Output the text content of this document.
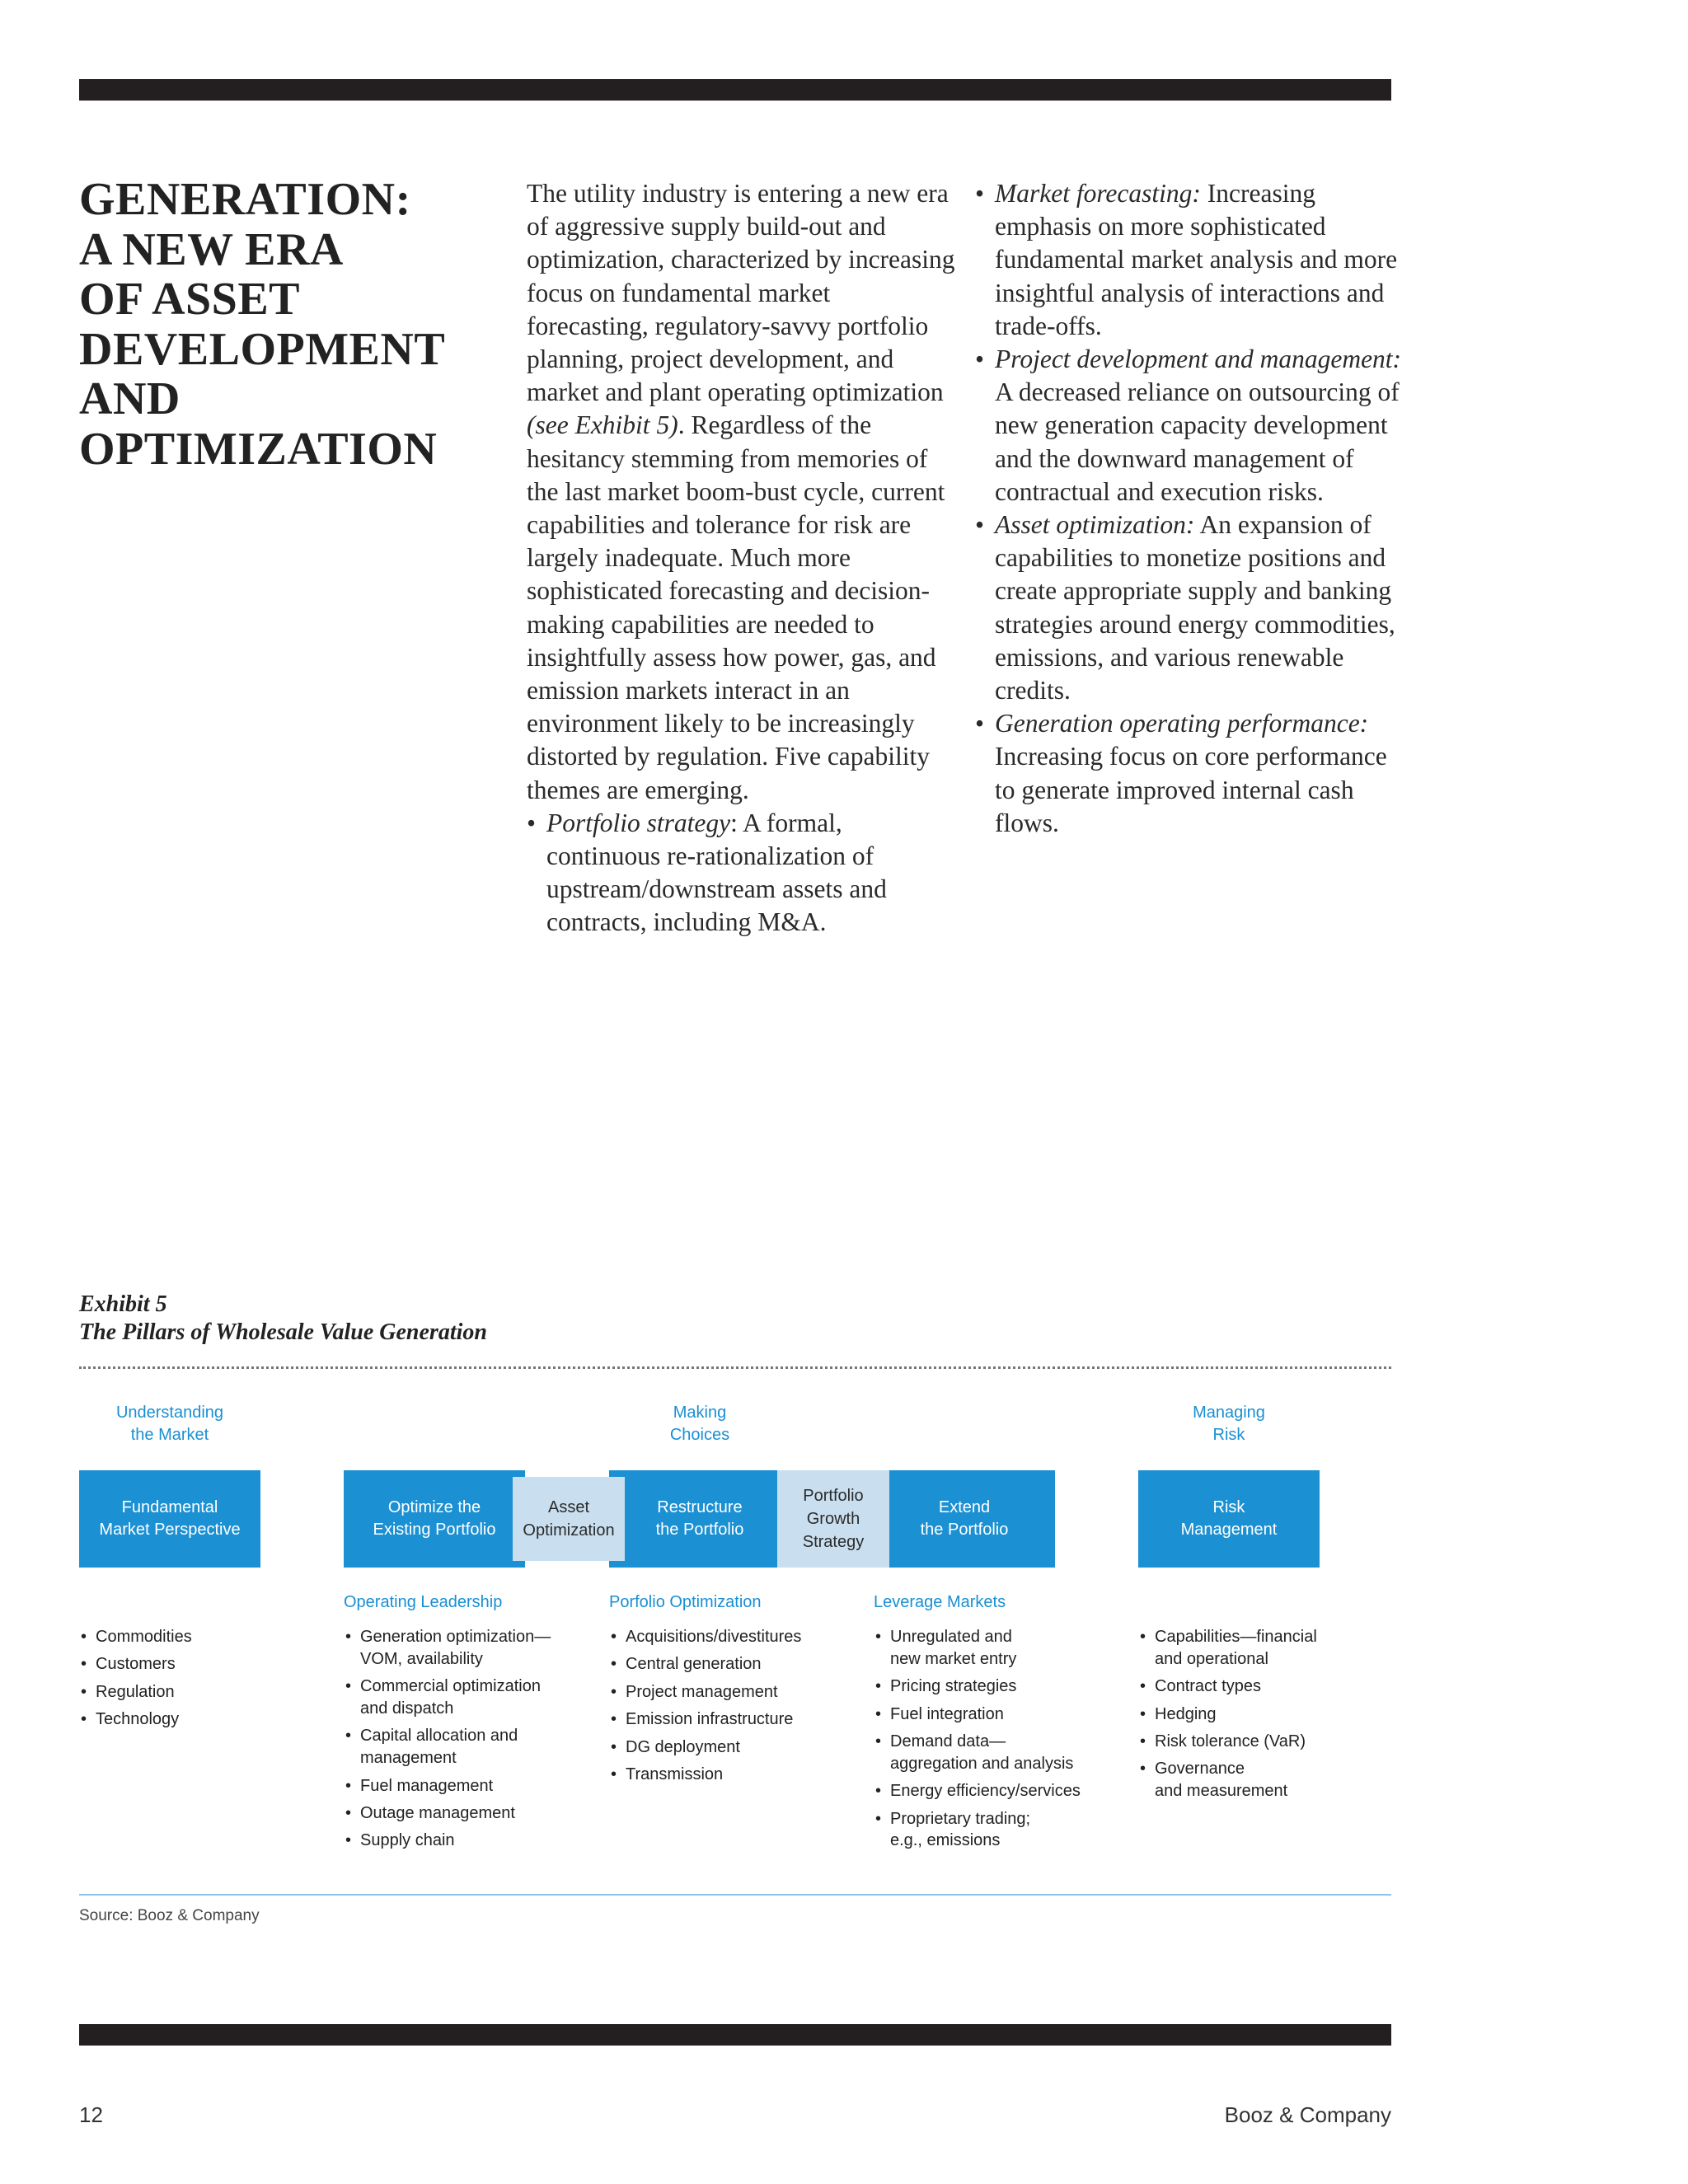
GENERATION:
A NEW ERA
OF ASSET
DEVELOPMENT
AND
OPTIMIZATION

The utility industry is entering a new era of aggressive supply build-out and optimization, characterized by increasing focus on fundamental market forecasting, regulatory-savvy portfolio planning, project development, and market and plant operating optimization (see Exhibit 5). Regardless of the hesitancy stemming from memories of the last market boom-bust cycle, current capabilities and tolerance for risk are largely inadequate. Much more sophisticated forecasting and decision-making capabilities are needed to insightfully assess how power, gas, and emission markets interact in an environment likely to be increasingly distorted by regulation. Five capability themes are emerging.

• Portfolio strategy: A formal, continuous re-rationalization of upstream/downstream assets and contracts, including M&A.

• Market forecasting: Increasing emphasis on more sophisticated fundamental market analysis and more insightful analysis of interactions and trade-offs.

• Project development and management: A decreased reliance on outsourcing of new generation capacity development and the downward management of contractual and execution risks.

• Asset optimization: An expansion of capabilities to monetize positions and create appropriate supply and banking strategies around energy commodities, emissions, and various renewable credits.

• Generation operating performance: Increasing focus on core performance to generate improved internal cash flows.

Exhibit 5
The Pillars of Wholesale Value Generation
Understanding
the Market
Making
Choices
Managing
Risk
Fundamental
Market Perspective
Optimize the
Existing Portfolio
Restructure
the Portfolio
Extend
the Portfolio
Risk
Management
Asset
Optimization
Portfolio
Growth
Strategy
Operating Leadership	Porfolio Optimization	Leverage Markets
• Commodities
• Customers
• Regulation
• Technology
• Generation optimization—
VOM, availability
• Commercial optimization
and dispatch
• Capital allocation and
management
• Fuel management
• Outage management
• Supply chain
• Acquisitions/divestitures
• Central generation
• Project management
• Emission infrastructure
• DG deployment
• Transmission
• Unregulated and
new market entry
• Pricing strategies
• Fuel integration
• Demand data—
aggregation and analysis
• Energy efficiency/services
• Proprietary trading;
e.g., emissions
• Capabilities—financial
and operational
• Contract types
• Hedging
• Risk tolerance (VaR)
• Governance
and measurement
Source: Booz & Company
12	Booz & Company
